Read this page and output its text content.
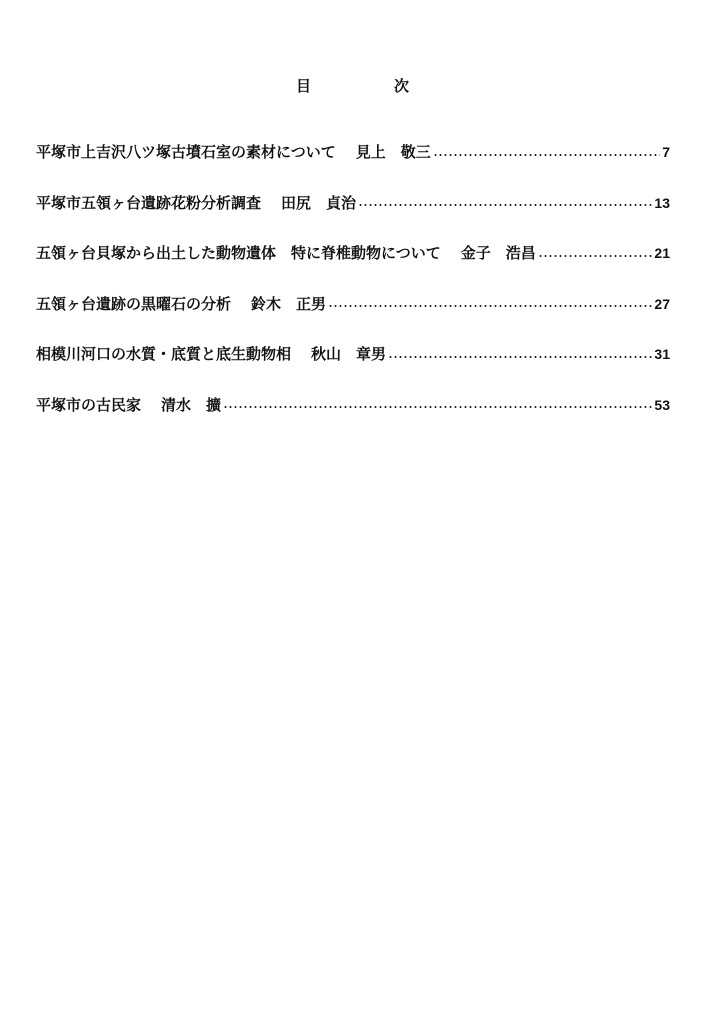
目	次
平塚市上吉沢八ツ塚古墳石室の素材について 見上　敬三	7
平塚市五領ヶ台遺跡花粉分析調査 田尻　貞治	13
五領ヶ台貝塚から出土した動物遺体　特に脊椎動物について 金子　浩昌	21
五領ヶ台遺跡の黒曜石の分析 鈴木　正男	27
相模川河口の水質・底質と底生動物相 秋山　章男	31
平塚市の古民家 清水　擴	53
